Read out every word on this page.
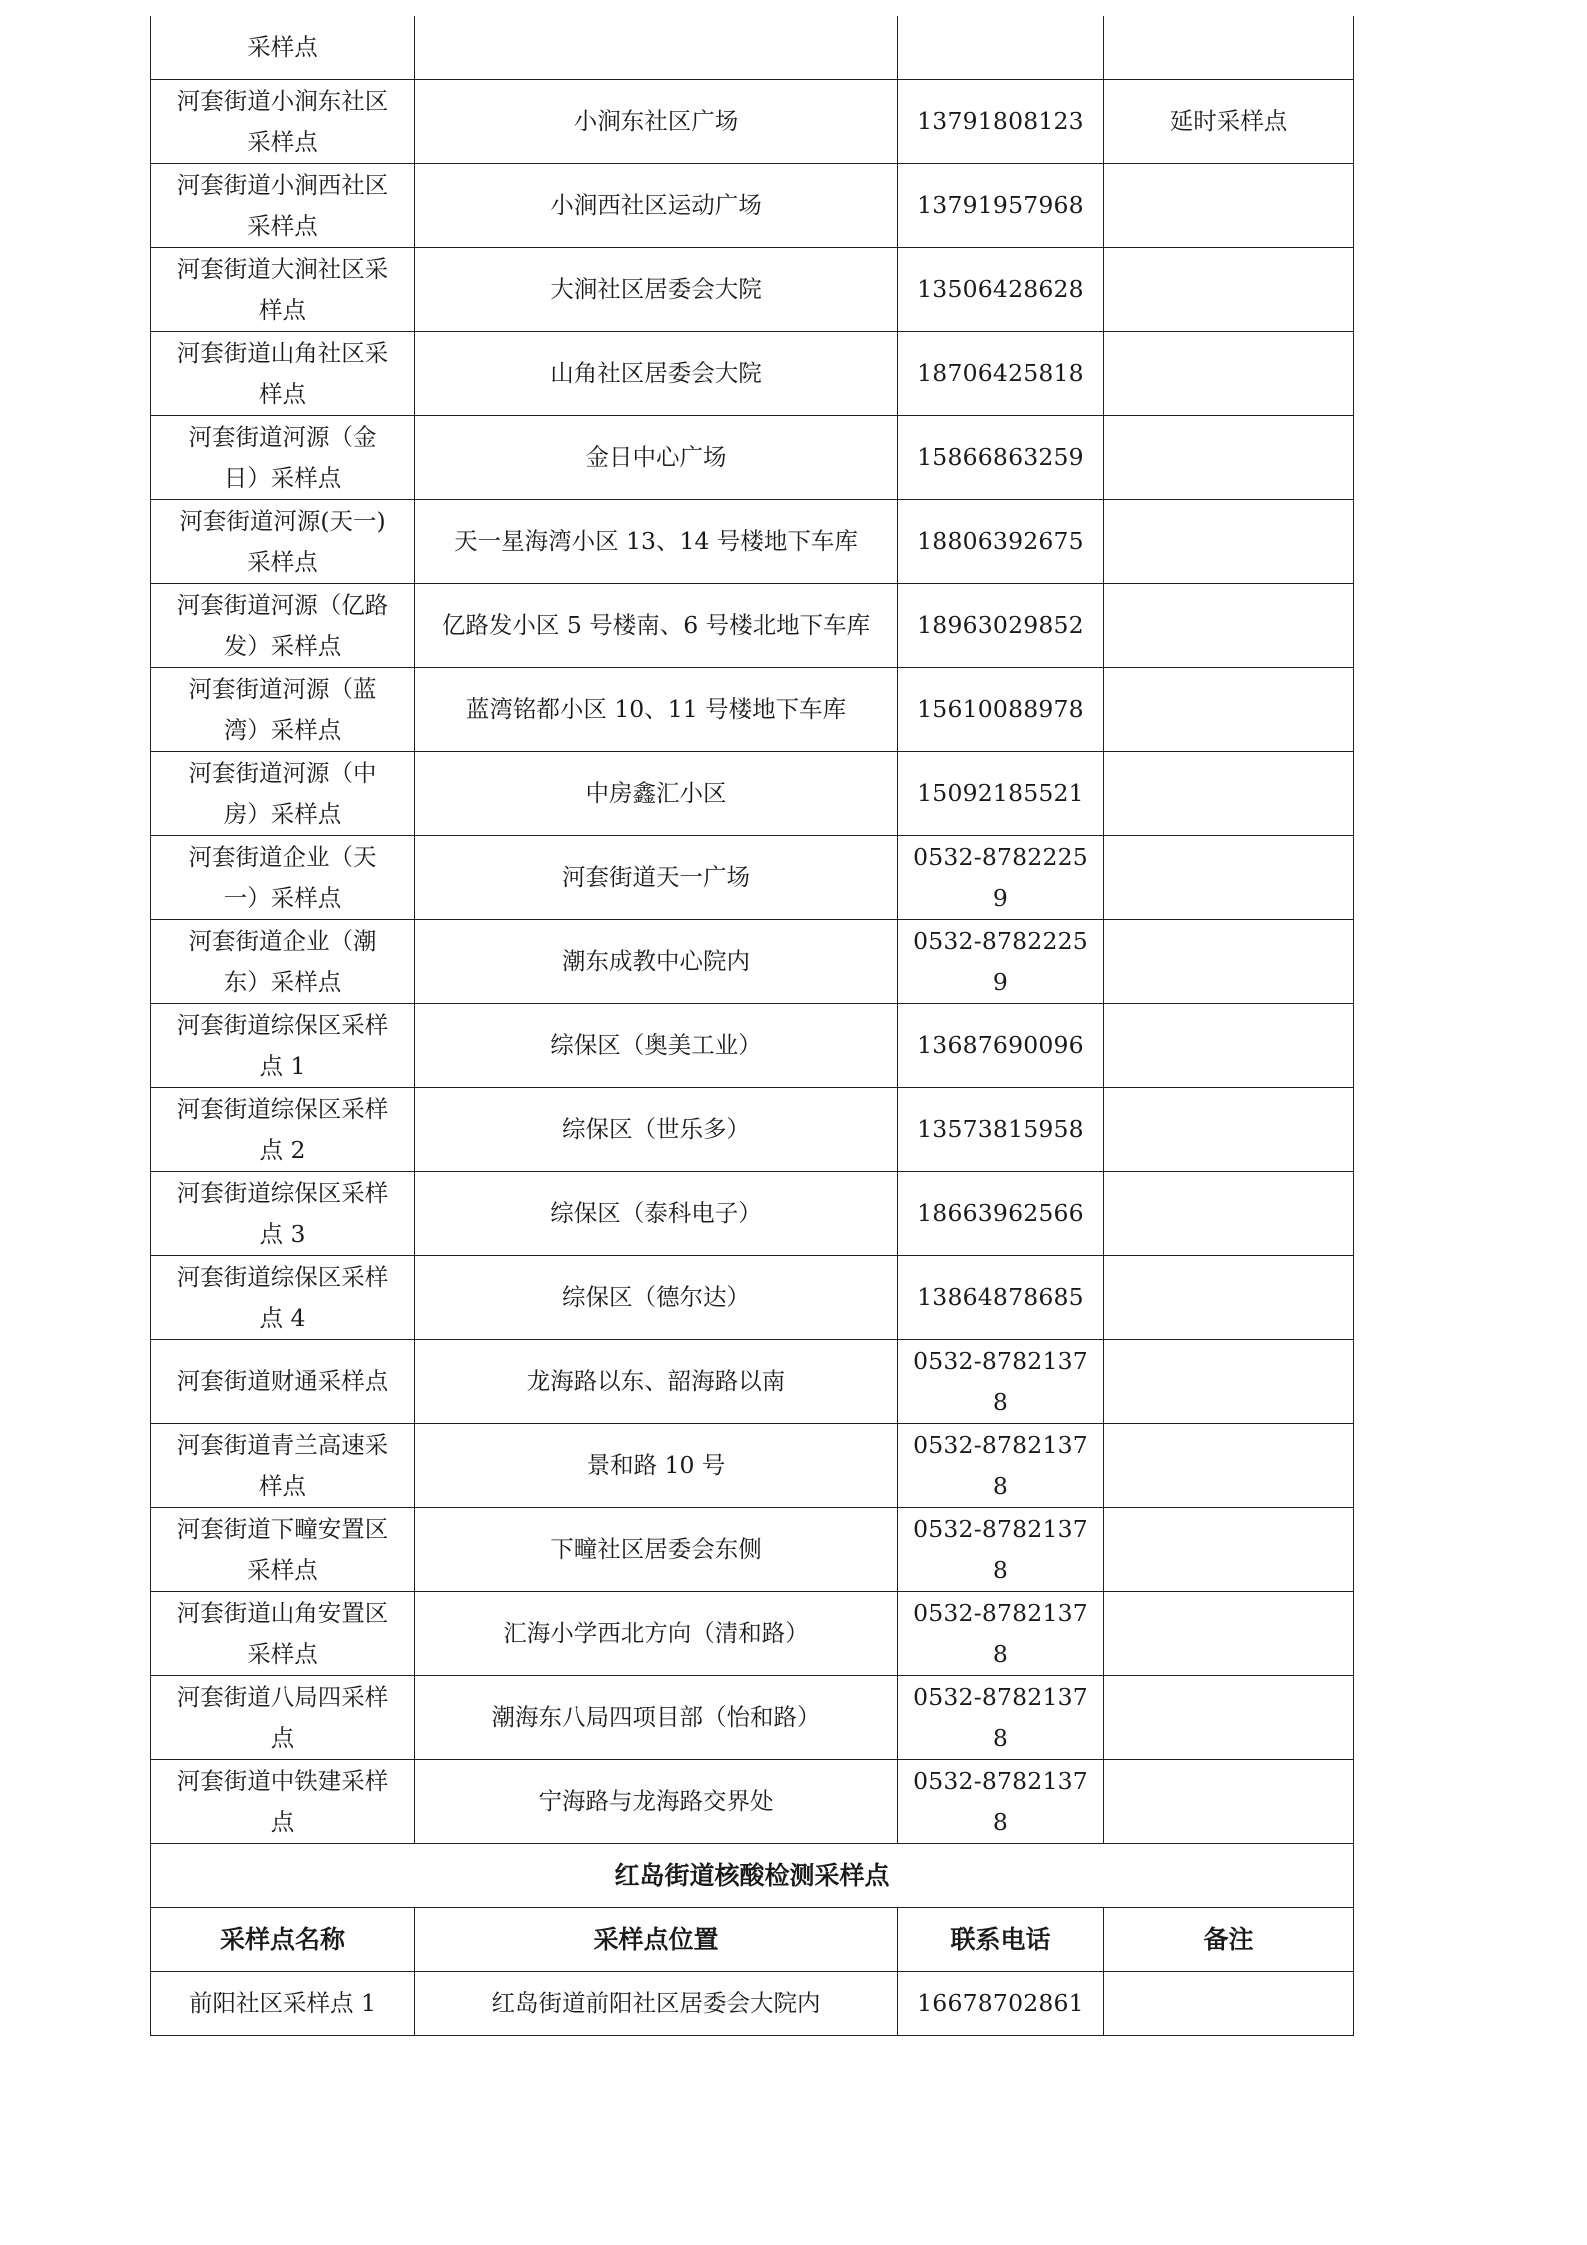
采样点			
河套街道小涧东社区采样点	小涧东社区广场	13791808123	延时采样点
河套街道小涧西社区采样点	小涧西社区运动广场	13791957968	
河套街道大涧社区采样点	大涧社区居委会大院	13506428628	
河套街道山角社区采样点	山角社区居委会大院	18706425818	
河套街道河源（金日）采样点	金日中心广场	15866863259	
河套街道河源(天一)采样点	天一星海湾小区 13、14 号楼地下车库	18806392675	
河套街道河源（亿路发）采样点	亿路发小区 5 号楼南、6 号楼北地下车库	18963029852	
河套街道河源（蓝湾）采样点	蓝湾铭都小区 10、11 号楼地下车库	15610088978	
河套街道河源（中房）采样点	中房鑫汇小区	15092185521	
河套街道企业（天一）采样点	河套街道天一广场	0532-87822259	
河套街道企业（潮东）采样点	潮东成教中心院内	0532-87822259	
河套街道综保区采样点 1	综保区（奥美工业）	13687690096	
河套街道综保区采样点 2	综保区（世乐多）	13573815958	
河套街道综保区采样点 3	综保区（泰科电子）	18663962566	
河套街道综保区采样点 4	综保区（德尔达）	13864878685	
河套街道财通采样点	龙海路以东、韶海路以南	0532-87821378	
河套街道青兰高速采样点	景和路 10 号	0532-87821378	
河套街道下疃安置区采样点	下疃社区居委会东侧	0532-87821378	
河套街道山角安置区采样点	汇海小学西北方向（清和路）	0532-87821378	
河套街道八局四采样点	潮海东八局四项目部（怡和路）	0532-87821378	
河套街道中铁建采样点	宁海路与龙海路交界处	0532-87821378	
红岛街道核酸检测采样点			
采样点名称	采样点位置	联系电话	备注
前阳社区采样点 1	红岛街道前阳社区居委会大院内	16678702861	
